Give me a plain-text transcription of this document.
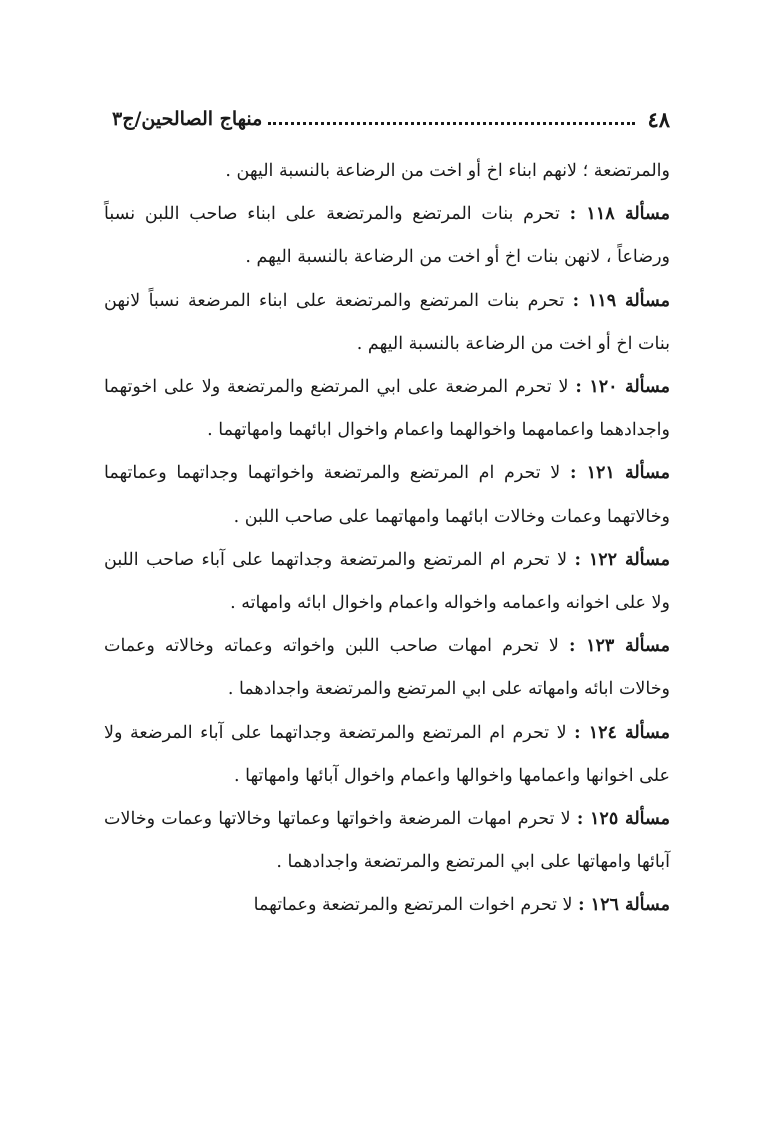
٤٨
منهاج الصالحين/ج٣

والمرتضعة ؛ لانهم ابناء اخ أو اخت من الرضاعة بالنسبة اليهن .

مسألة ١١٨ : تحرم بنات المرتضع والمرتضعة على ابناء صاحب اللبن نسباً ورضاعاً ، لانهن بنات اخ أو اخت من الرضاعة بالنسبة اليهم .

مسألة ١١٩ : تحرم بنات المرتضع والمرتضعة على ابناء المرضعة نسباً لانهن بنات اخ أو اخت من الرضاعة بالنسبة اليهم .

مسألة ١٢٠ : لا تحرم المرضعة على ابي المرتضع والمرتضعة ولا على اخوتهما واجدادهما واعمامهما واخوالهما واعمام واخوال ابائهما وامهاتهما .

مسألة ١٢١ : لا تحرم ام المرتضع والمرتضعة واخواتهما وجداتهما وعماتهما وخالاتهما وعمات وخالات ابائهما وامهاتهما على صاحب اللبن .

مسألة ١٢٢ : لا تحرم ام المرتضع والمرتضعة وجداتهما على آباء صاحب اللبن ولا على اخوانه واعمامه واخواله واعمام واخوال ابائه وامهاته .

مسألة ١٢٣ : لا تحرم امهات صاحب اللبن واخواته وعماته وخالاته وعمات وخالات ابائه وامهاته على ابي المرتضع والمرتضعة واجدادهما .

مسألة ١٢٤ : لا تحرم ام المرتضع والمرتضعة وجداتهما على آباء المرضعة ولا على اخوانها واعمامها واخوالها واعمام واخوال آبائها وامهاتها .

مسألة ١٢٥ : لا تحرم امهات المرضعة واخواتها وعماتها وخالاتها وعمات وخالات آبائها وامهاتها على ابي المرتضع والمرتضعة واجدادهما .

مسألة ١٢٦ : لا تحرم اخوات المرتضع والمرتضعة وعماتهما
